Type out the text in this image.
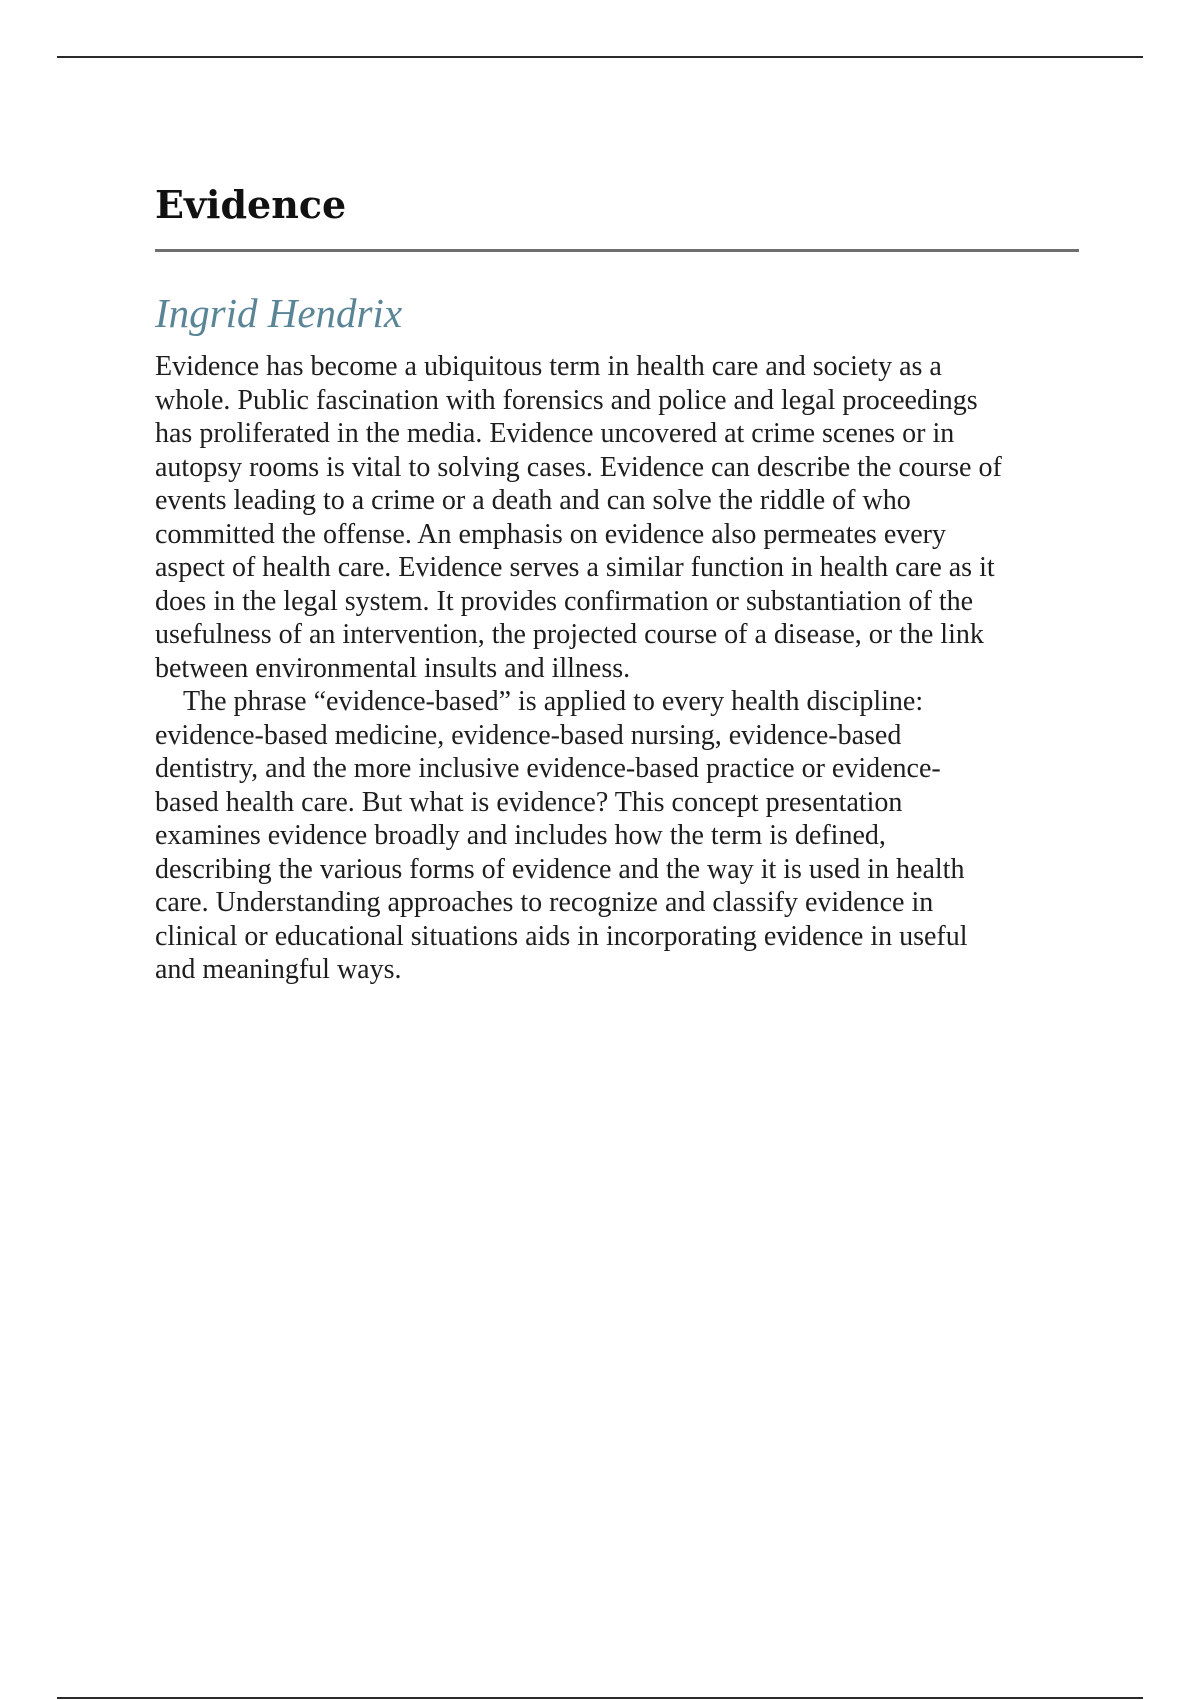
Evidence

Ingrid Hendrix

Evidence has become a ubiquitous term in health care and society as a
whole. Public fascination with forensics and police and legal proceedings
has proliferated in the media. Evidence uncovered at crime scenes or in
autopsy rooms is vital to solving cases. Evidence can describe the course of
events leading to a crime or a death and can solve the riddle of who
committed the offense. An emphasis on evidence also permeates every
aspect of health care. Evidence serves a similar function in health care as it
does in the legal system. It provides confirmation or substantiation of the
usefulness of an intervention, the projected course of a disease, or the link
between environmental insults and illness.

The phrase “evidence-based” is applied to every health discipline:
evidence-based medicine, evidence-based nursing, evidence-based
dentistry, and the more inclusive evidence-based practice or evidence-
based health care. But what is evidence? This concept presentation
examines evidence broadly and includes how the term is defined,
describing the various forms of evidence and the way it is used in health
care. Understanding approaches to recognize and classify evidence in
clinical or educational situations aids in incorporating evidence in useful
and meaningful ways.
